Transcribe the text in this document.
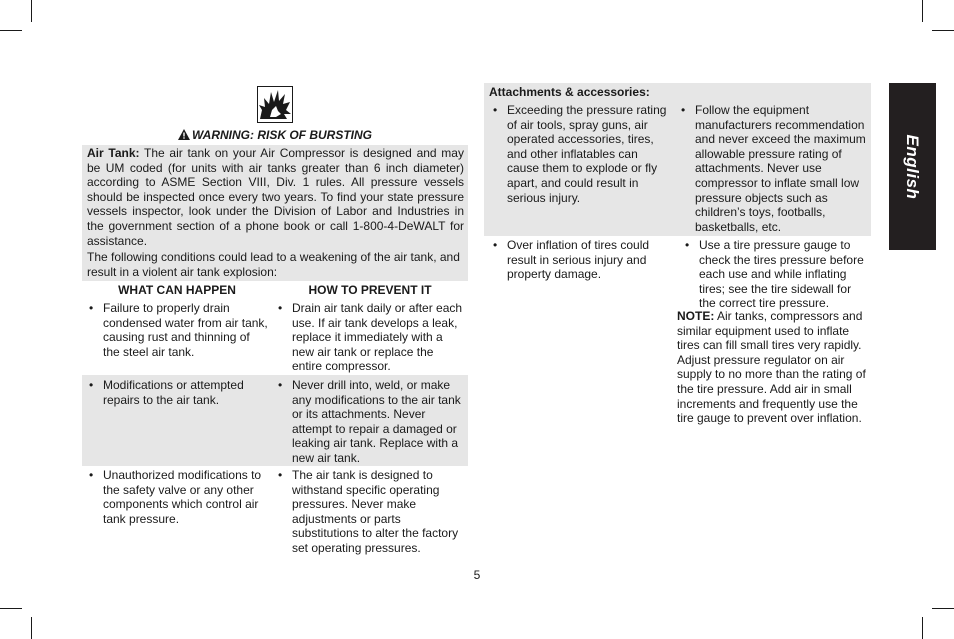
WARNING: RISK OF BURSTING
Air Tank: The air tank on your Air Compressor is designed and may be UM coded (for units with air tanks greater than 6 inch diameter) according to ASME Section VIII, Div. 1 rules. All pressure vessels should be inspected once every two years. To find your state pressure vessels inspector, look under the Division of Labor and Industries in the government section of a phone book or call 1-800-4-DeWALT for assistance.
The following conditions could lead to a weakening of the air tank, and result in a violent air tank explosion:
WHAT CAN HAPPEN	HOW TO PREVENT IT
• Failure to properly drain condensed water from air tank, causing rust and thinning of the steel air tank.
• Drain air tank daily or after each use. If air tank develops a leak, replace it immediately with a new air tank or replace the entire compressor.
• Modifications or attempted repairs to the air tank.
• Never drill into, weld, or make any modifications to the air tank or its attachments. Never attempt to repair a damaged or leaking air tank. Replace with a new air tank.
• Unauthorized modifications to the safety valve or any other components which control air tank pressure.
• The air tank is designed to withstand specific operating pressures. Never make adjustments or parts substitutions to alter the factory set operating pressures.
Attachments & accessories:
• Exceeding the pressure rating of air tools, spray guns, air operated accessories, tires, and other inflatables can cause them to explode or fly apart, and could result in serious injury.
• Follow the equipment manufacturers recommendation and never exceed the maximum allowable pressure rating of attachments. Never use compressor to inflate small low pressure objects such as children’s toys, footballs, basketballs, etc.
• Over inflation of tires could result in serious injury and property damage.
• Use a tire pressure gauge to check the tires pressure before each use and while inflating tires; see the tire sidewall for the correct tire pressure.
NOTE: Air tanks, compressors and similar equipment used to inflate tires can fill small tires very rapidly. Adjust pressure regulator on air supply to no more than the rating of the tire pressure. Add air in small increments and frequently use the tire gauge to prevent over inflation.
English
5
